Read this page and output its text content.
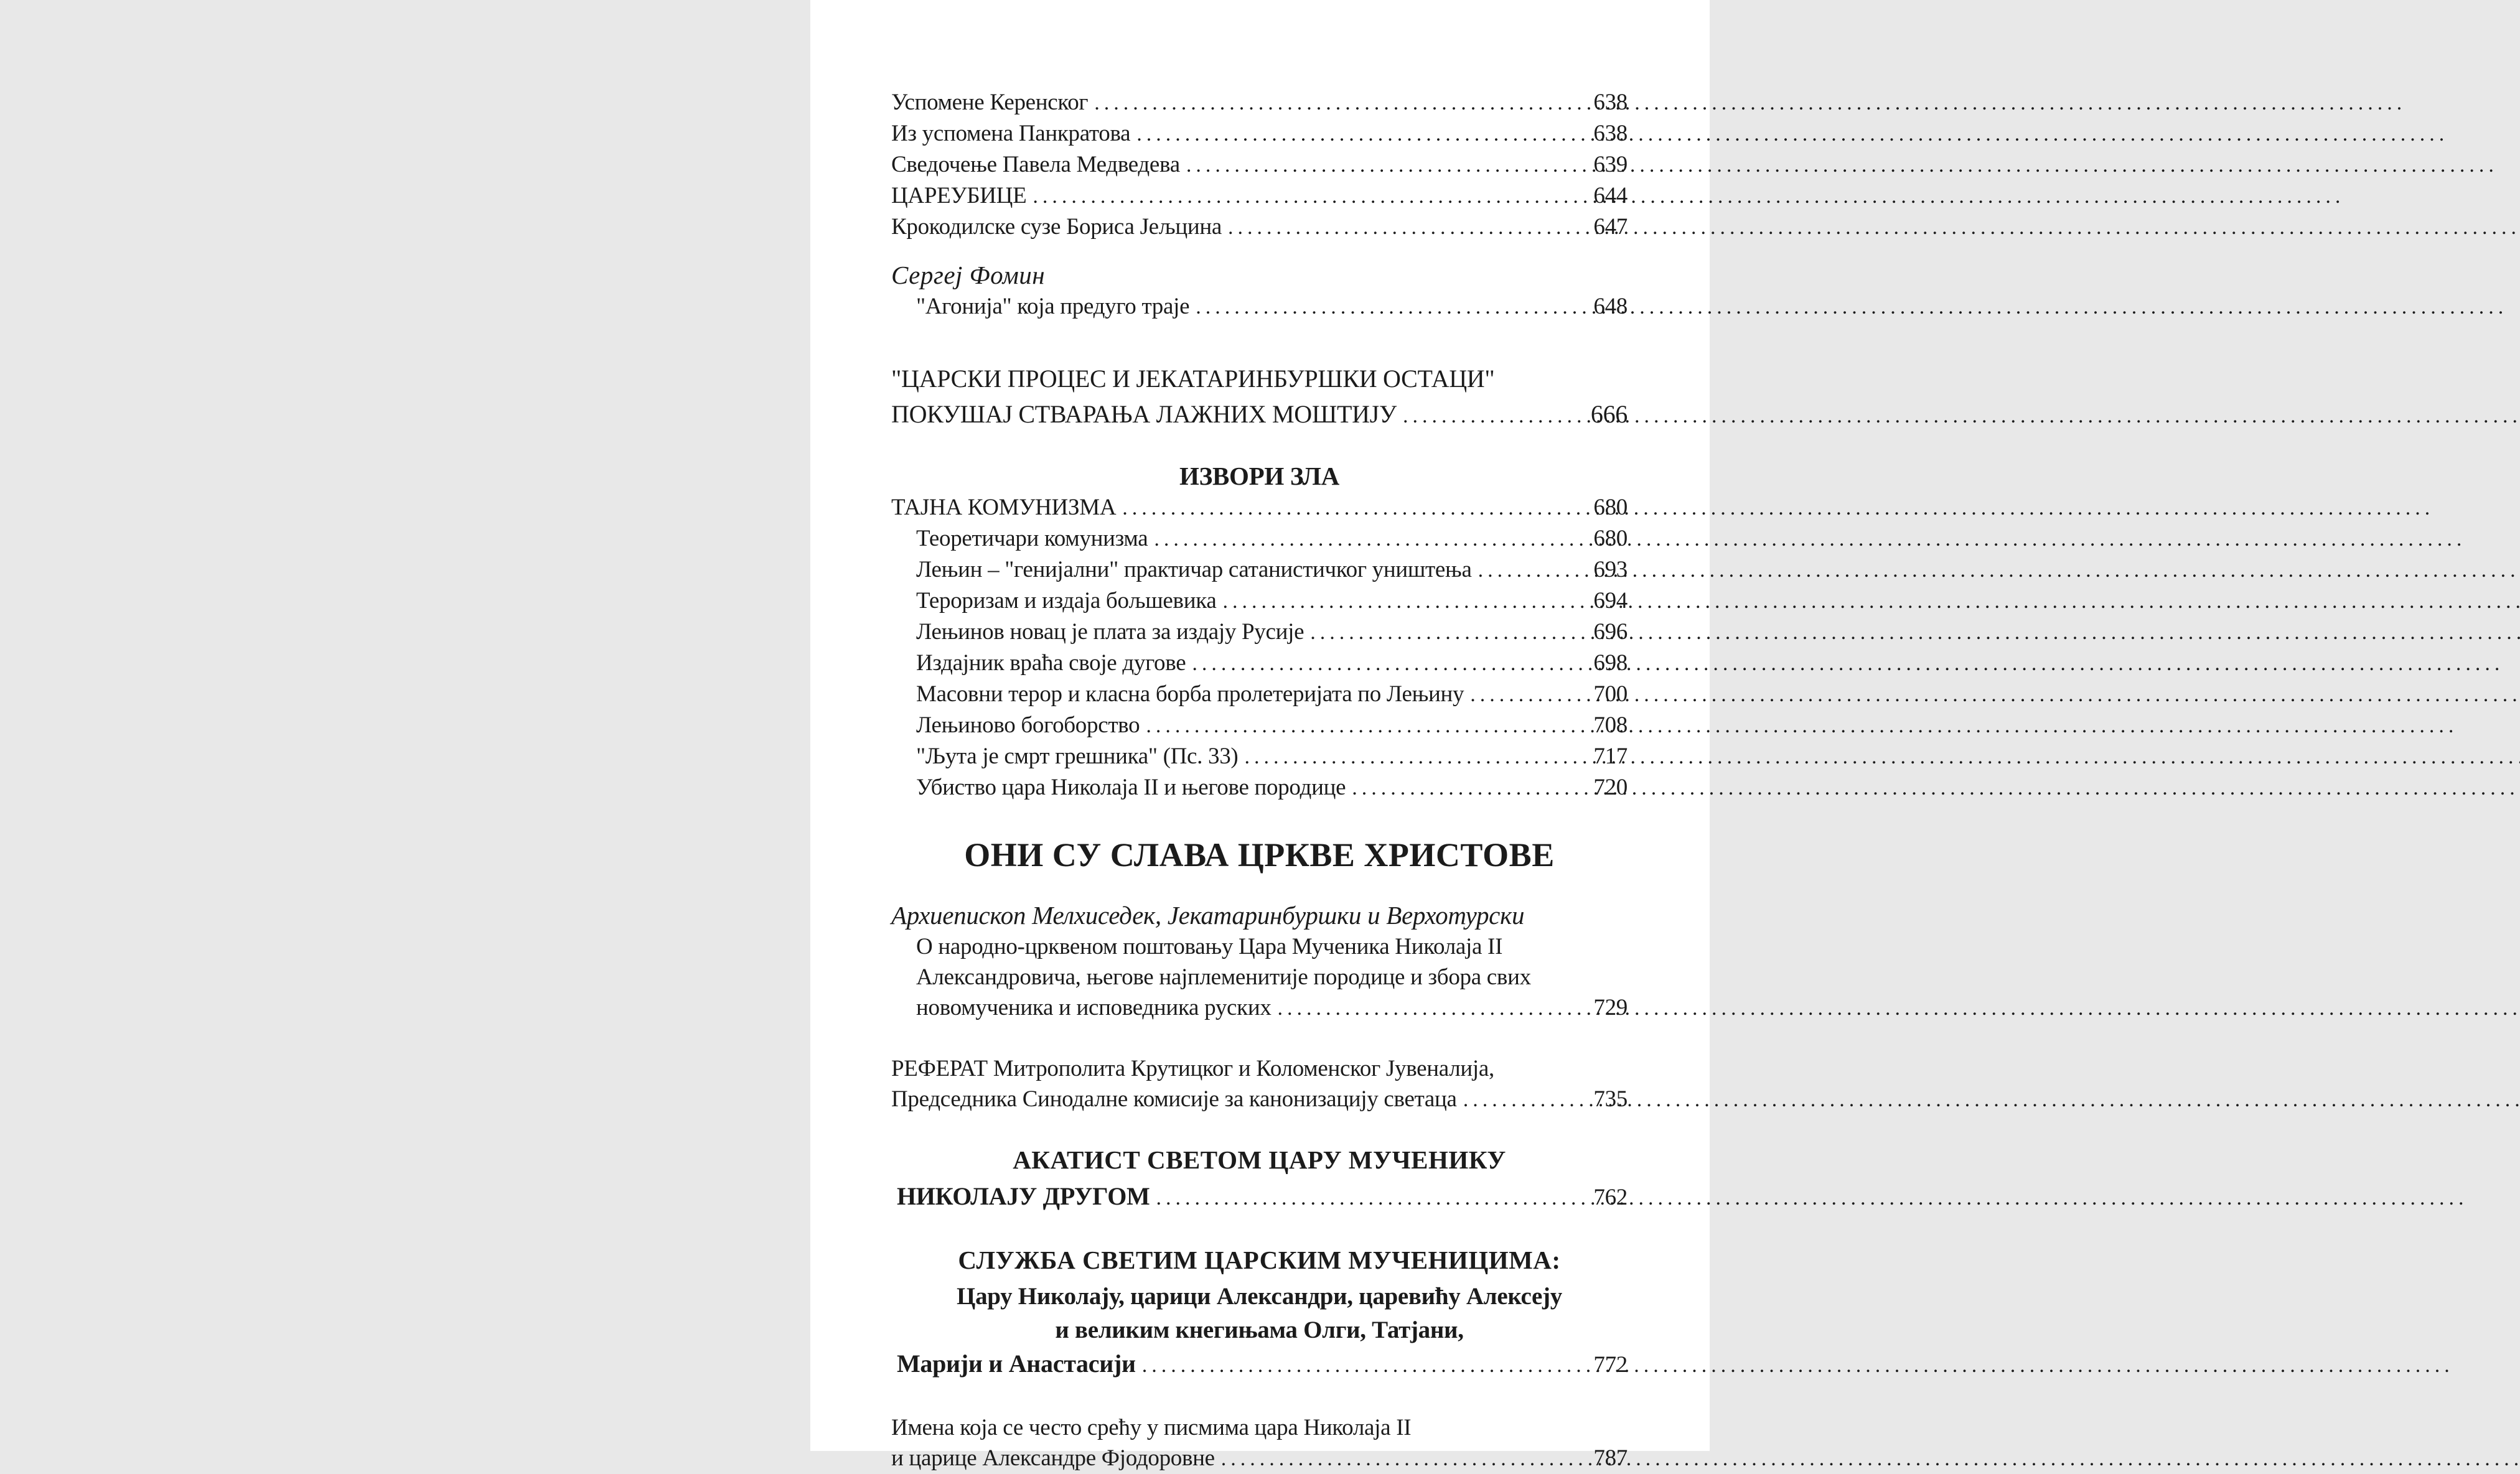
Успомене Керенског .....	638
Из успомена Панкратова .....	638
Сведочење Павела Медведева .....	639
ЦАРЕУБИЦЕ .....	644
Крокодилске сузе Бориса Јељцина .....	647
Сергеј Фомин
"Агонија" која предуго траје .....	648
"ЦАРСКИ ПРОЦЕС И ЈЕКАТАРИНБУРШКИ ОСТАЦИ"
ПОКУШАЈ СТВАРАЊА ЛАЖНИХ МОШТИЈУ .....	666
ИЗВОРИ ЗЛА
ТАЈНА КОМУНИЗМА .....	680
Теоретичари комунизма .....	680
Лењин – "генијални" практичар сатанистичког уништења .....	693
Тероризам и издаја бољшевика .....	694
Лењинов новац је плата за издају Русије .....	696
Издајник враћа своје дугове .....	698
Масовни терор и класна борба пролетеријата по Лењину .....	700
Лењиново богоборство .....	708
"Љута је смрт грешника" (Пс. 33) .....	717
Убиство цара Николаја II и његове породице .....	720
ОНИ СУ СЛАВА ЦРКВЕ ХРИСТОВЕ
Архиепископ Мелхиседек, Јекатаринбуршки и Верхотурски
О народно-црквеном поштовању Цара Мученика Николаја II
Александровича, његове најплеменитије породице и збора свих
новомученика и исповедника руских .....	729
РЕФЕРАТ Митрополита Крутицког и Коломенског Јувеналија,
Председника Синодалне комисије за канонизацију светаца .....	735
АКАТИСТ СВЕТОМ ЦАРУ МУЧЕНИКУ
НИКОЛАЈУ ДРУГОМ .....	762
СЛУЖБА СВЕТИМ ЦАРСКИМ МУЧЕНИЦИМА:
Цару Николају, царици Александри, царевићу Алексеју
и великим кнегињама Олги, Татјани,
Марији и Анастасији .....	772
Имена која се често срећу у писмима цара Николаја II
и царице Александре Фјодоровне .....	787
